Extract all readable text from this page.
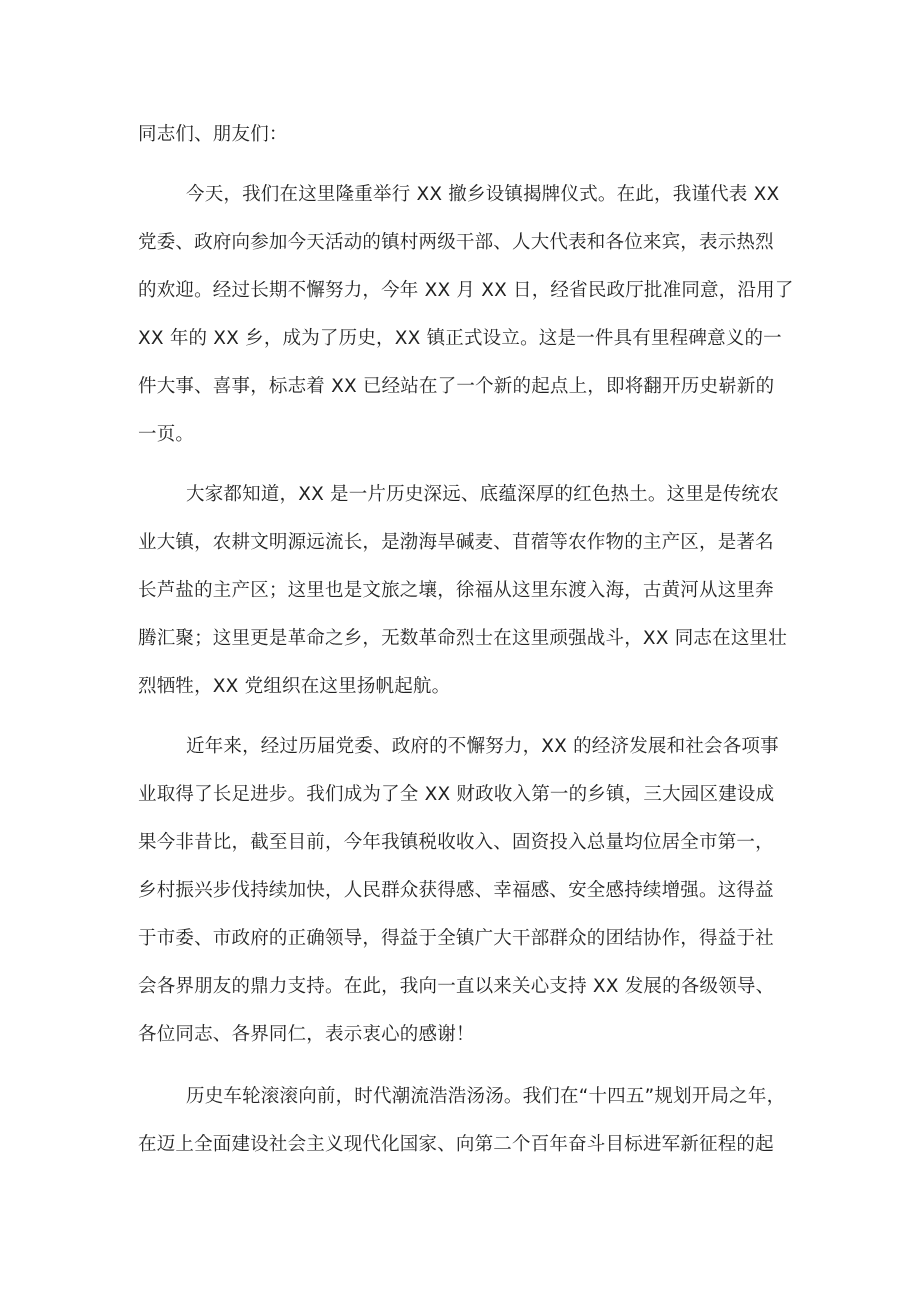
同志们、朋友们：
今天，我们在这里隆重举行 XX 撤乡设镇揭牌仪式。在此，我谨代表 XX
党委、政府向参加今天活动的镇村两级干部、人大代表和各位来宾，表示热烈
的欢迎。经过长期不懈努力，今年 XX 月 XX 日，经省民政厅批准同意，沿用了
XX 年的 XX 乡，成为了历史，XX 镇正式设立。这是一件具有里程碑意义的一
件大事、喜事，标志着 XX 已经站在了一个新的起点上，即将翻开历史崭新的
一页。
大家都知道，XX 是一片历史深远、底蕴深厚的红色热土。这里是传统农
业大镇，农耕文明源远流长，是渤海旱碱麦、苜蓿等农作物的主产区，是著名
长芦盐的主产区；这里也是文旅之壤，徐福从这里东渡入海，古黄河从这里奔
腾汇聚；这里更是革命之乡，无数革命烈士在这里顽强战斗，XX 同志在这里壮
烈牺牲，XX 党组织在这里扬帆起航。
近年来，经过历届党委、政府的不懈努力，XX 的经济发展和社会各项事
业取得了长足进步。我们成为了全 XX 财政收入第一的乡镇，三大园区建设成
果今非昔比，截至目前，今年我镇税收收入、固资投入总量均位居全市第一，
乡村振兴步伐持续加快，人民群众获得感、幸福感、安全感持续增强。这得益
于市委、市政府的正确领导，得益于全镇广大干部群众的团结协作，得益于社
会各界朋友的鼎力支持。在此，我向一直以来关心支持 XX 发展的各级领导、
各位同志、各界同仁，表示衷心的感谢！
历史车轮滚滚向前，时代潮流浩浩汤汤。我们在“十四五”规划开局之年，
在迈上全面建设社会主义现代化国家、向第二个百年奋斗目标进军新征程的起
